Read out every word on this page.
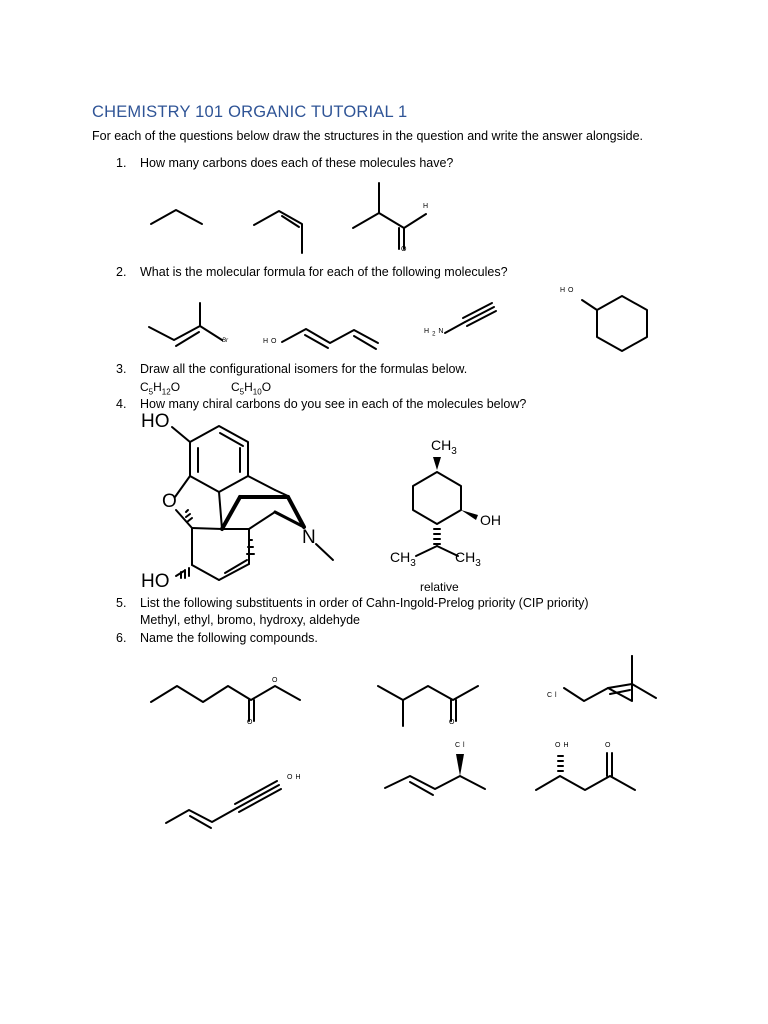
CHEMISTRY 101 ORGANIC TUTORIAL 1
For each of the questions below draw the structures in the question and write the answer alongside.
1. How many carbons does each of these molecules have?
2. What is the molecular formula for each of the following molecules?
3. Draw all the configurational isomers for the formulas below.
$C_5H_{12}O$	$C_5H_{10}O$
4. How many chiral carbons do you see in each of the molecules below?
5. List the following substituents in order of Cahn-Ingold-Prelog priority (CIP priority)
Methyl, ethyl, bromo, hydroxy, aldehyde
6. Name the following compounds.
H
O
Br	HO
$H_2N$
HO
HO
O
N
HO
$CH_3$
OH
$CH_3$	$CH_3$
relative
O
O	O
Cl
OH
Cl	OH	O
